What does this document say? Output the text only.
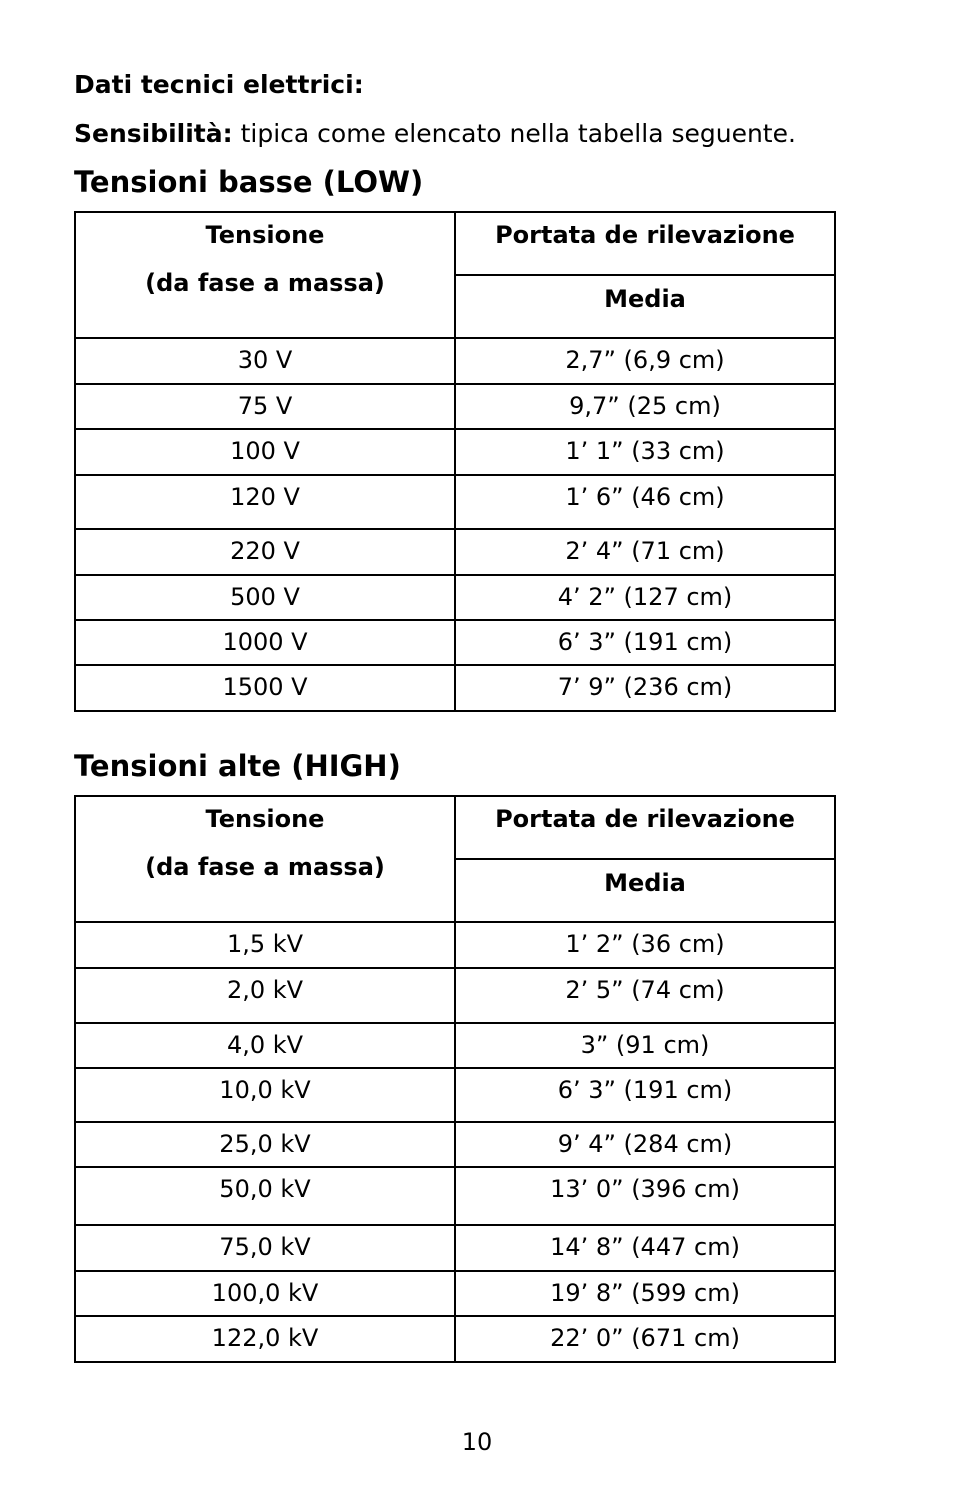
Dati tecnici elettrici:
Sensibilità: tipica come elencato nella tabella seguente.
Tensioni basse (LOW)
Tensione
(da fase a massa)	Portata de rilevazione
	Media
30 V	2,7” (6,9 cm)
75 V	9,7” (25 cm)
100 V	1’ 1” (33 cm)
120 V	1’ 6” (46 cm)
220 V	2’ 4” (71 cm)
500 V	4’ 2” (127 cm)
1000 V	6’ 3” (191 cm)
1500 V	7’ 9” (236 cm)
Tensioni alte (HIGH)
Tensione
(da fase a massa)	Portata de rilevazione
	Media
1,5 kV	1’ 2” (36 cm)
2,0 kV	2’ 5” (74 cm)
4,0 kV	3” (91 cm)
10,0 kV	6’ 3” (191 cm)
25,0 kV	9’ 4” (284 cm)
50,0 kV	13’ 0” (396 cm)
75,0 kV	14’ 8” (447 cm)
100,0 kV	19’ 8” (599 cm)
122,0 kV	22’ 0” (671 cm)
10
